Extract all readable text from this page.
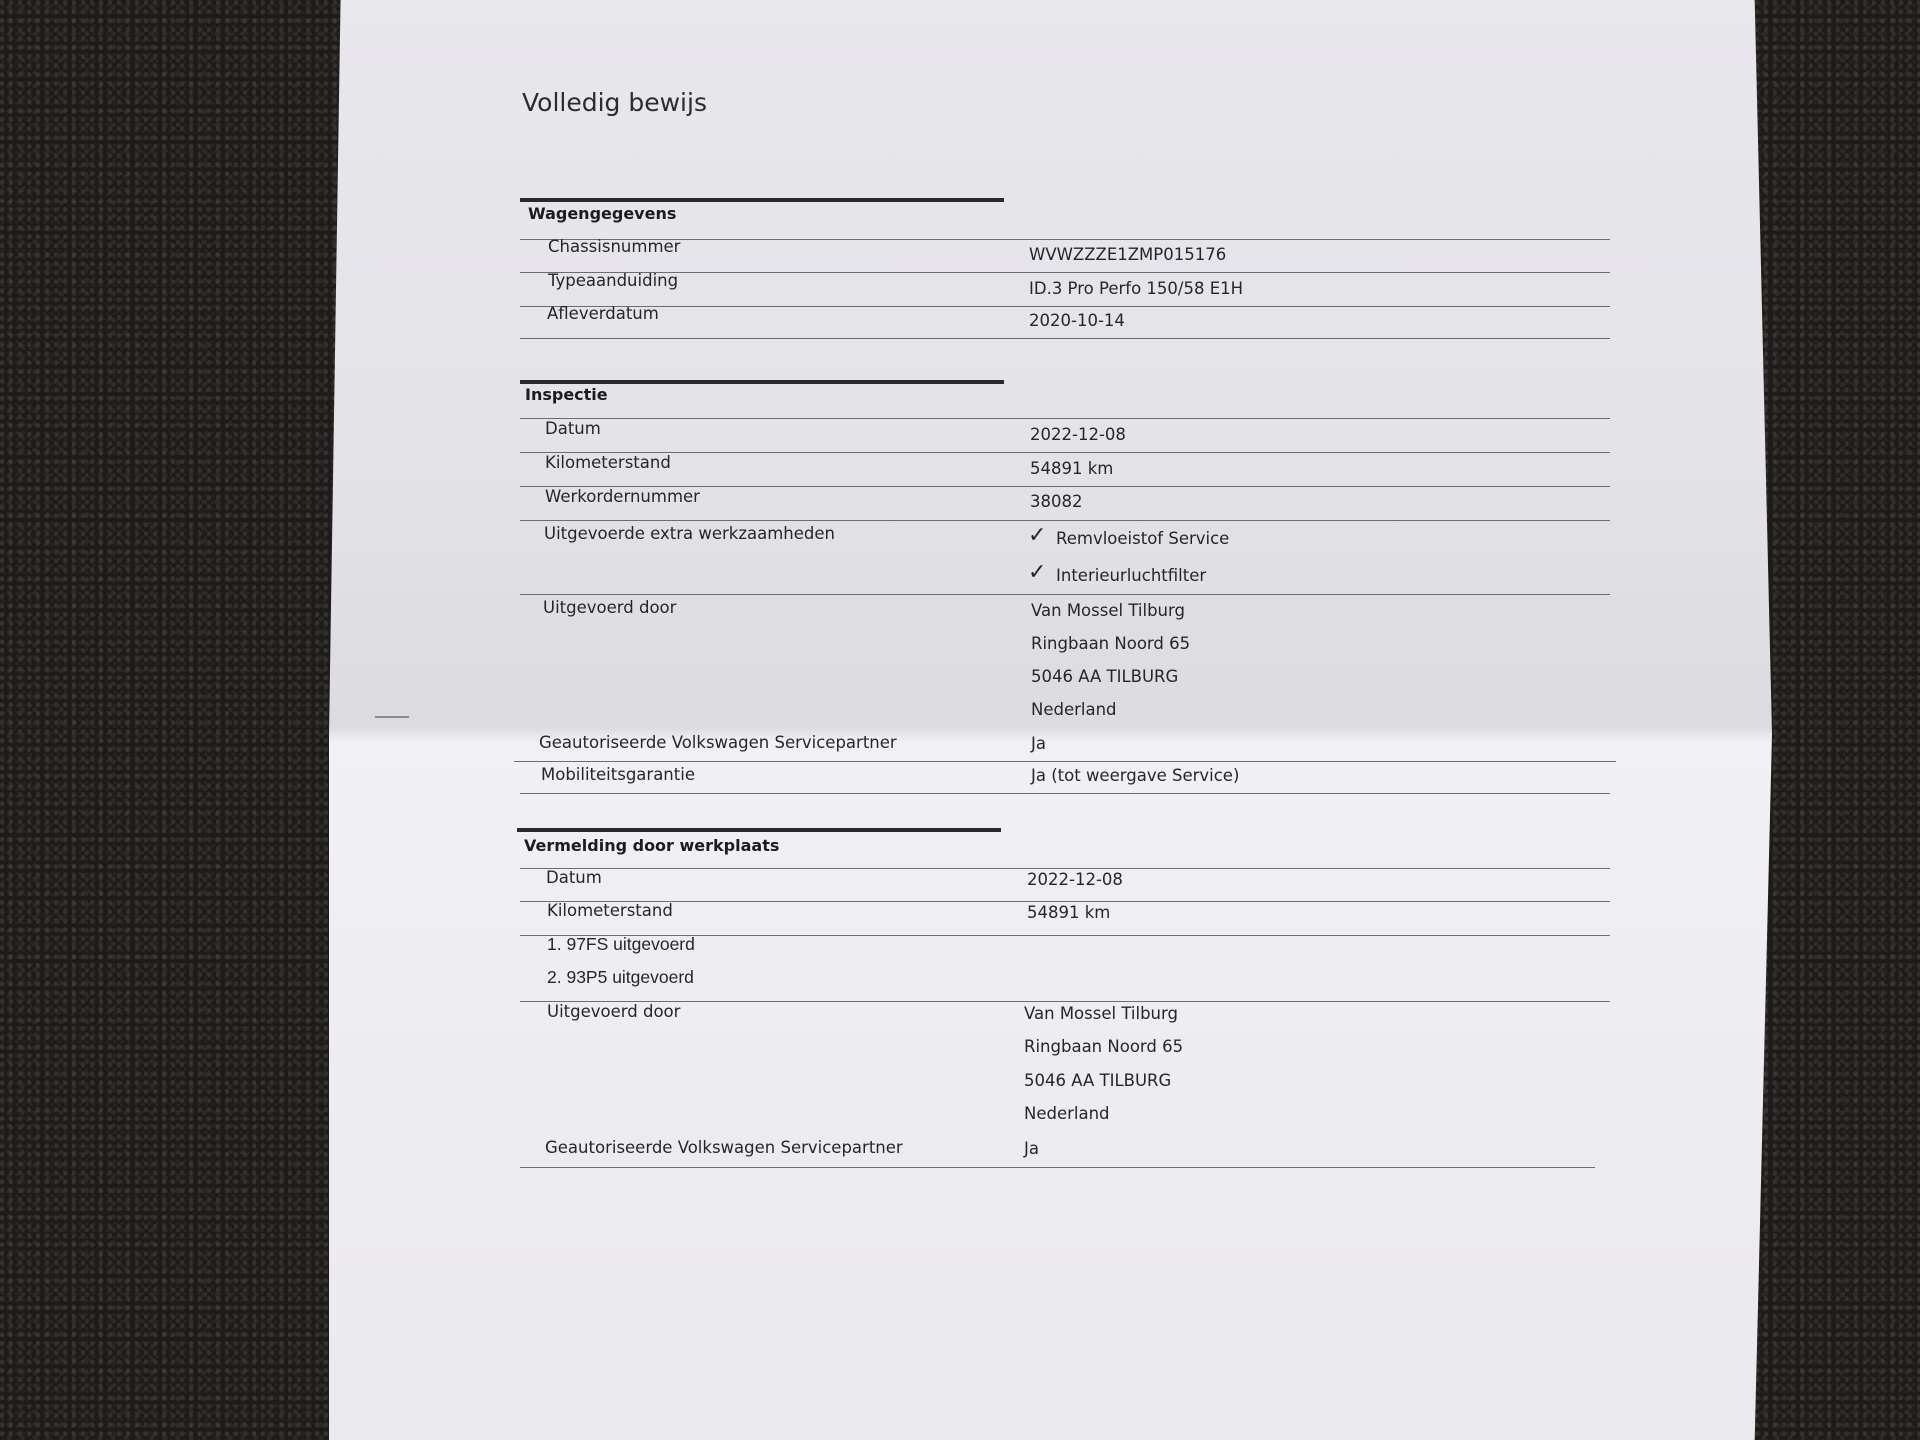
Volledig bewijs
Wagengegevens
Chassisnummer	WVWZZZE1ZMP015176
Typeaanduiding	ID.3 Pro Perfo 150/58 E1H
Afleverdatum	2020-10-14
Inspectie
Datum	2022-12-08
Kilometerstand	54891 km
Werkordernummer	38082
Uitgevoerde extra werkzaamheden	✓ Remvloeistof Service
✓ Interieurluchtfilter
Uitgevoerd door	Van Mossel Tilburg
Ringbaan Noord 65
5046 AA TILBURG
Nederland
Geautoriseerde Volkswagen Servicepartner	Ja
Mobiliteitsgarantie	Ja (tot weergave Service)
Vermelding door werkplaats
Datum	2022-12-08
Kilometerstand	54891 km
1. 97FS uitgevoerd
2. 93P5 uitgevoerd
Uitgevoerd door	Van Mossel Tilburg
Ringbaan Noord 65
5046 AA TILBURG
Nederland
Geautoriseerde Volkswagen Servicepartner	Ja
